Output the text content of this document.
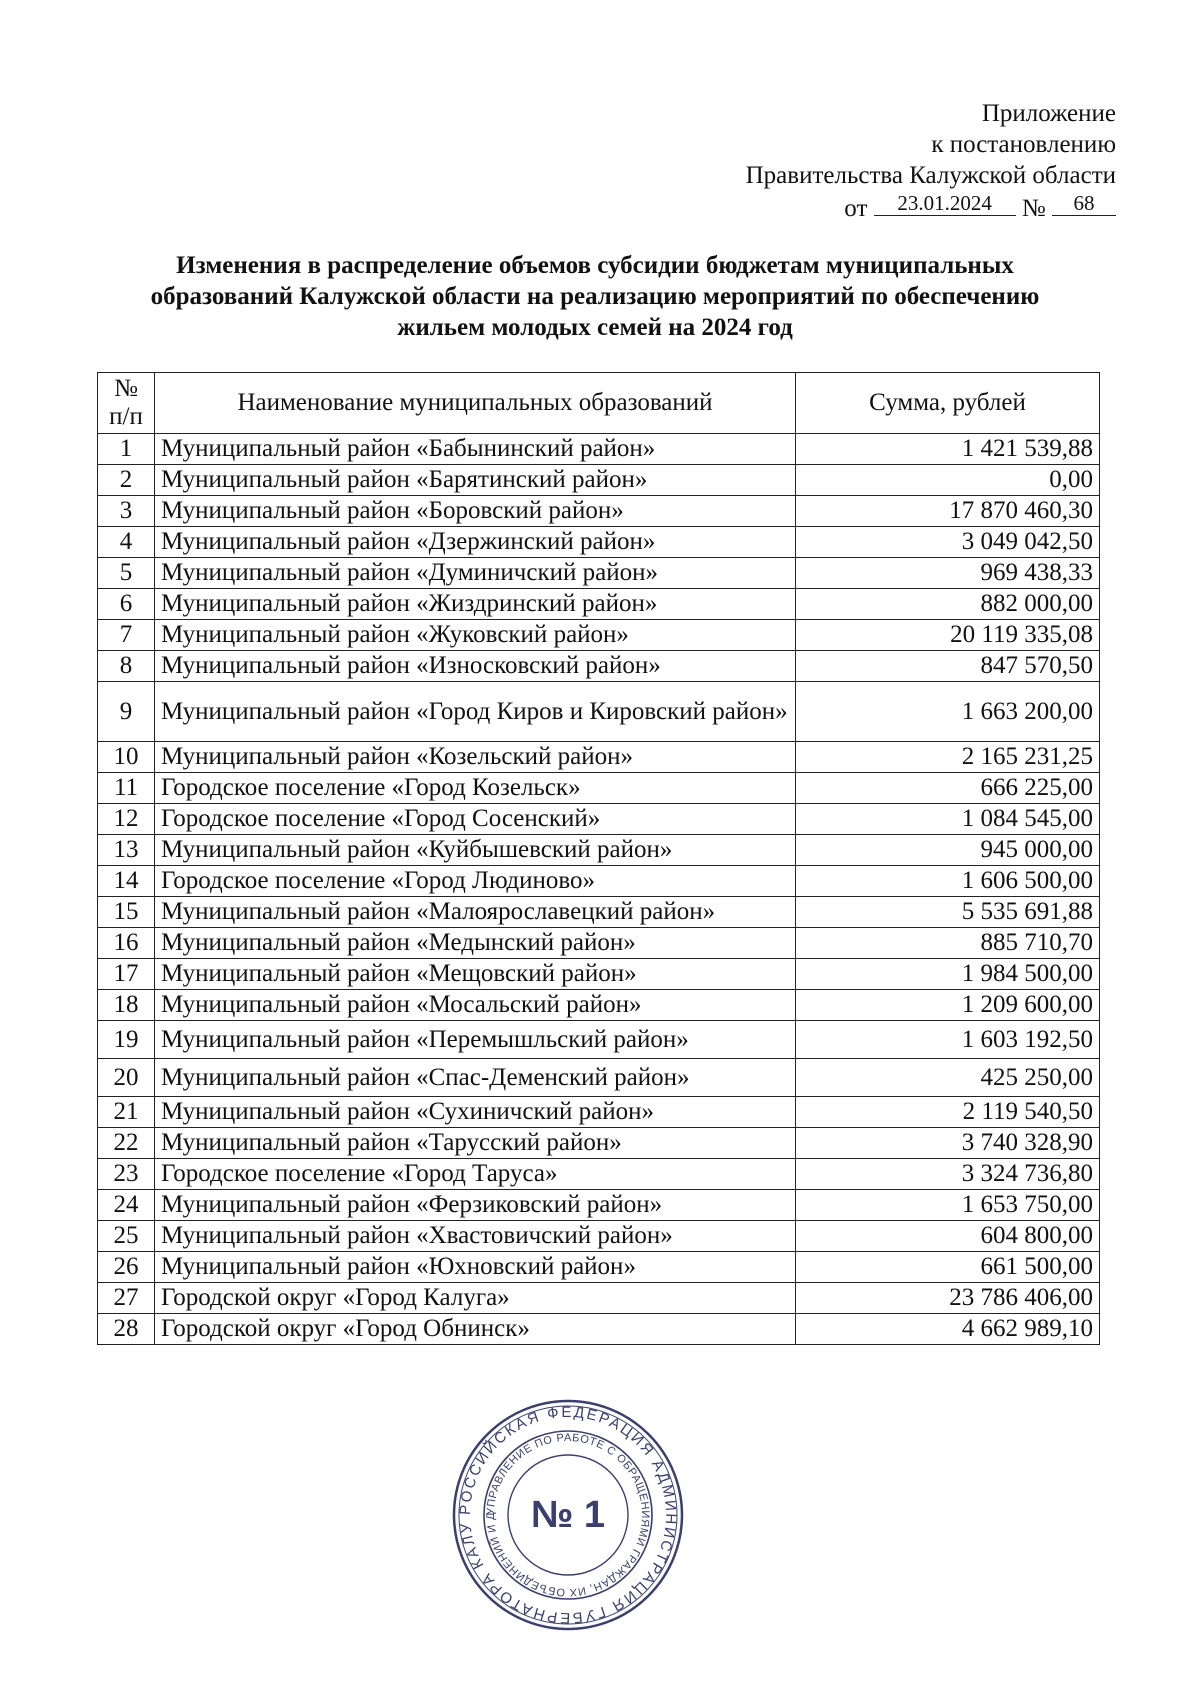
Приложение
к постановлению
Правительства Калужской области
от 23.01.2024 № 68
Изменения в распределение объемов субсидии бюджетам муниципальных образований Калужской области на реализацию мероприятий по обеспечению жильем молодых семей на 2024 год
№
п/п	Наименование муниципальных образований	Сумма, рублей
1	Муниципальный район «Бабынинский район»	1 421 539,88
2	Муниципальный район «Барятинский район»	0,00
3	Муниципальный район «Боровский район»	17 870 460,30
4	Муниципальный район «Дзержинский район»	3 049 042,50
5	Муниципальный район «Думиничский район»	969 438,33
6	Муниципальный район «Жиздринский район»	882 000,00
7	Муниципальный район «Жуковский район»	20 119 335,08
8	Муниципальный район «Износковский район»	847 570,50
9	Муниципальный район «Город Киров и Кировский район»	1 663 200,00
10	Муниципальный район «Козельский район»	2 165 231,25
11	Городское поселение «Город Козельск»	666 225,00
12	Городское поселение «Город Сосенский»	1 084 545,00
13	Муниципальный район «Куйбышевский район»	945 000,00
14	Городское поселение «Город Людиново»	1 606 500,00
15	Муниципальный район «Малоярославецкий район»	5 535 691,88
16	Муниципальный район «Медынский район»	885 710,70
17	Муниципальный район «Мещовский район»	1 984 500,00
18	Муниципальный район «Мосальский район»	1 209 600,00
19	Муниципальный район «Перемышльский район»	1 603 192,50
20	Муниципальный район «Спас-Деменский район»	425 250,00
21	Муниципальный район «Сухиничский район»	2 119 540,50
22	Муниципальный район «Тарусский район»	3 740 328,90
23	Городское поселение «Город Таруса»	3 324 736,80
24	Муниципальный район «Ферзиковский район»	1 653 750,00
25	Муниципальный район «Хвастовичский район»	604 800,00
26	Муниципальный район «Юхновский район»	661 500,00
27	Городской округ «Город Калуга»	23 786 406,00
28	Городской округ «Город Обнинск»	4 662 989,10
РОССИЙСКАЯ ФЕДЕРАЦИЯ АДМИНИСТРАЦИЯ ГУБЕРНАТОРА КАЛУ
УПРАВЛЕНИЕ ПО РАБОТЕ С ОБРАЩЕНИЯМИ ГРАЖДАН, ИХ ОБЪЕДИНЕНИЙ И Д № 1
